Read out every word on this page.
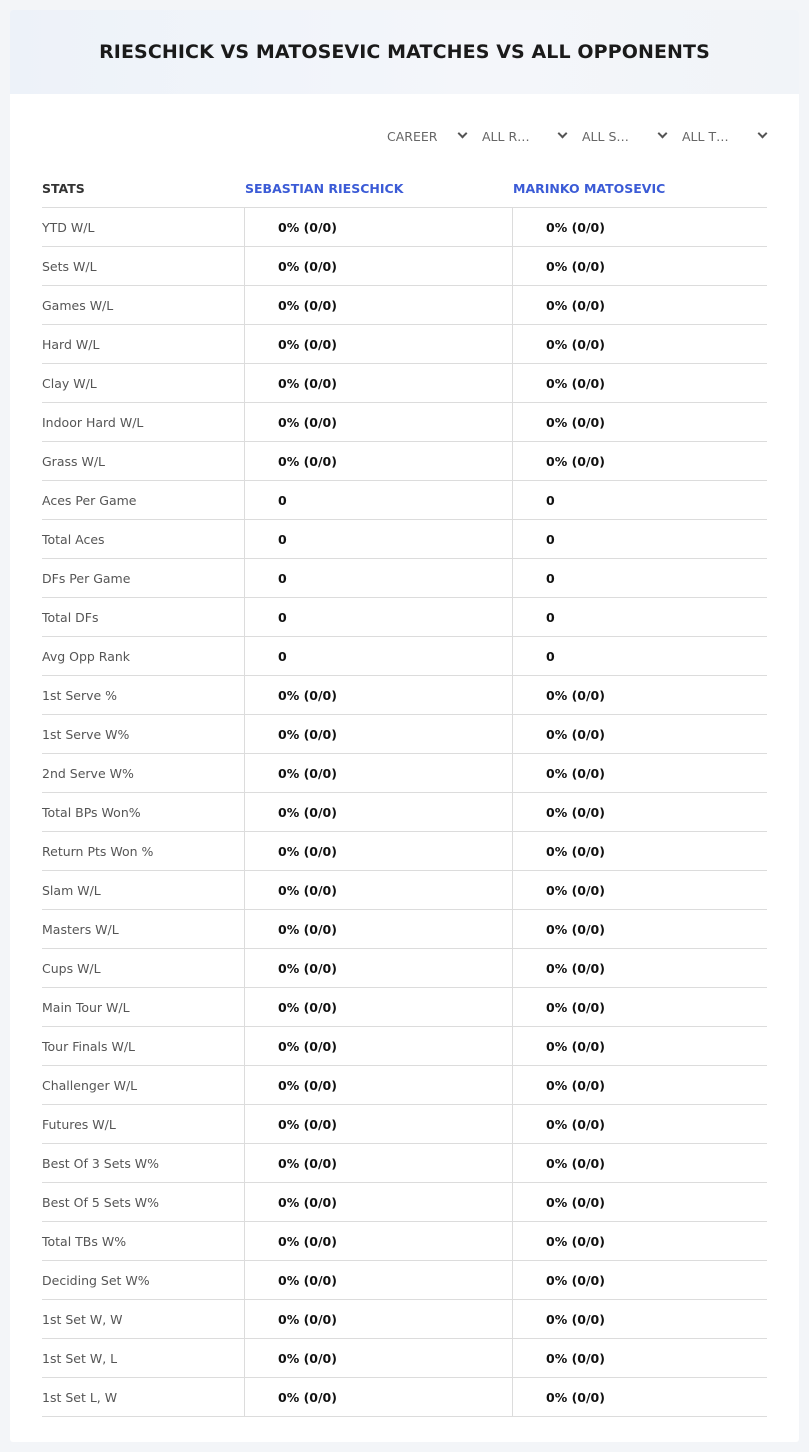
RIESCHICK VS MATOSEVIC MATCHES VS ALL OPPONENTS
CAREER	ALL R…	ALL S…	ALL T…
STATS	SEBASTIAN RIESCHICK	MARINKO MATOSEVIC
YTD W/L	0% (0/0)	0% (0/0)
Sets W/L	0% (0/0)	0% (0/0)
Games W/L	0% (0/0)	0% (0/0)
Hard W/L	0% (0/0)	0% (0/0)
Clay W/L	0% (0/0)	0% (0/0)
Indoor Hard W/L	0% (0/0)	0% (0/0)
Grass W/L	0% (0/0)	0% (0/0)
Aces Per Game	0	0
Total Aces	0	0
DFs Per Game	0	0
Total DFs	0	0
Avg Opp Rank	0	0
1st Serve %	0% (0/0)	0% (0/0)
1st Serve W%	0% (0/0)	0% (0/0)
2nd Serve W%	0% (0/0)	0% (0/0)
Total BPs Won%	0% (0/0)	0% (0/0)
Return Pts Won %	0% (0/0)	0% (0/0)
Slam W/L	0% (0/0)	0% (0/0)
Masters W/L	0% (0/0)	0% (0/0)
Cups W/L	0% (0/0)	0% (0/0)
Main Tour W/L	0% (0/0)	0% (0/0)
Tour Finals W/L	0% (0/0)	0% (0/0)
Challenger W/L	0% (0/0)	0% (0/0)
Futures W/L	0% (0/0)	0% (0/0)
Best Of 3 Sets W%	0% (0/0)	0% (0/0)
Best Of 5 Sets W%	0% (0/0)	0% (0/0)
Total TBs W%	0% (0/0)	0% (0/0)
Deciding Set W%	0% (0/0)	0% (0/0)
1st Set W, W	0% (0/0)	0% (0/0)
1st Set W, L	0% (0/0)	0% (0/0)
1st Set L, W	0% (0/0)	0% (0/0)
